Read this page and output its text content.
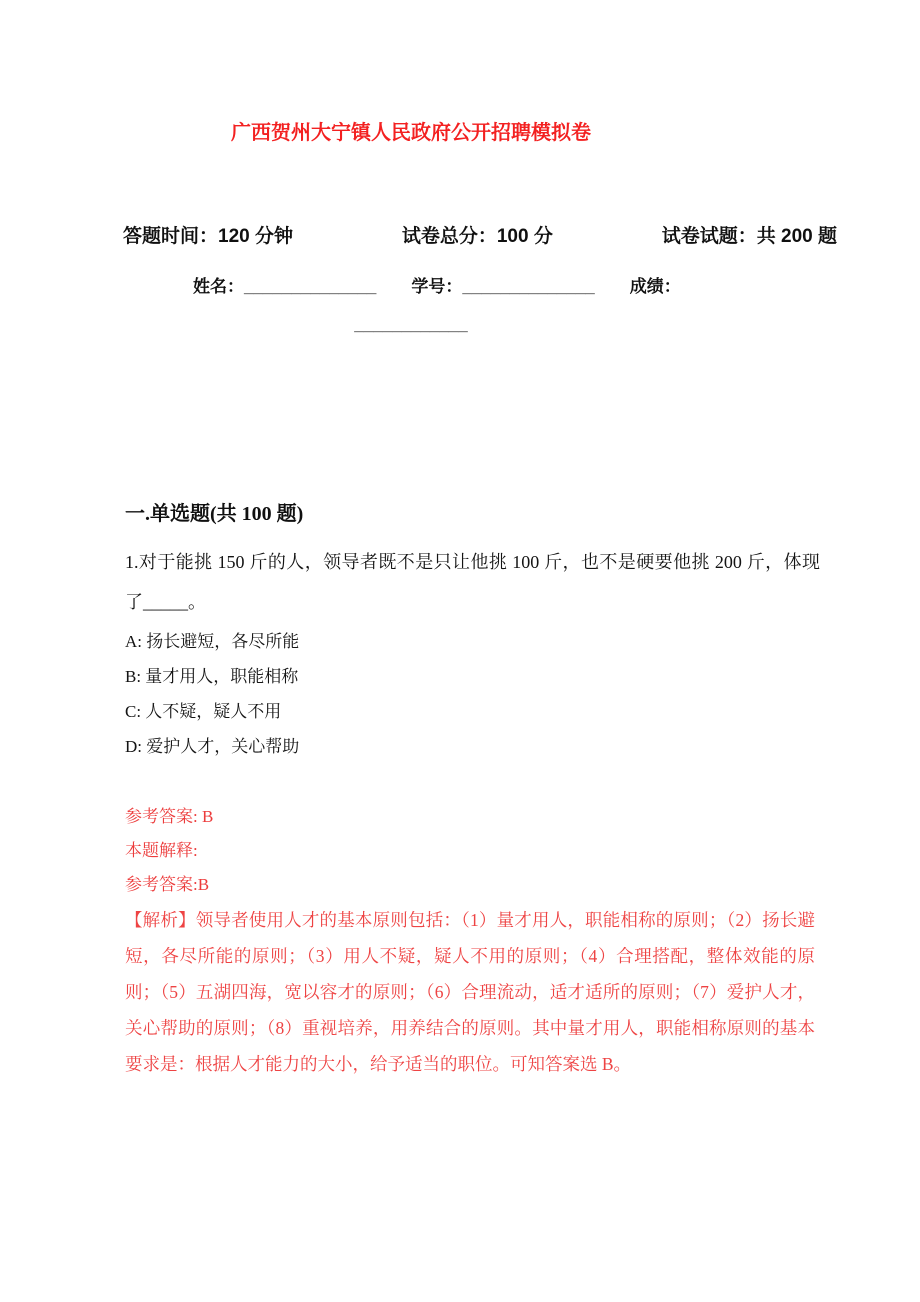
广西贺州大宁镇人民政府公开招聘模拟卷
答题时间：120 分钟	试卷总分：100 分	试卷试题：共 200 题
姓名：______________ 学号：______________ 成绩：
____________
一.单选题(共 100 题)

1.对于能挑 150 斤的人，领导者既不是只让他挑 100 斤，也不是硬要他挑 200 斤，体现了_____。

A: 扬长避短，各尽所能

B: 量才用人，职能相称

C: 人不疑，疑人不用

D: 爱护人才，关心帮助

参考答案: B

本题解释:

参考答案:B

【解析】领导者使用人才的基本原则包括：（1）量才用人，职能相称的原则；（2）扬长避短，各尽所能的原则；（3）用人不疑，疑人不用的原则；（4）合理搭配，整体效能的原则；（5）五湖四海，宽以容才的原则；（6）合理流动，适才适所的原则；（7）爱护人才，关心帮助的原则；（8）重视培养，用养结合的原则。其中量才用人，职能相称原则的基本要求是：根据人才能力的大小，给予适当的职位。可知答案选 B。
